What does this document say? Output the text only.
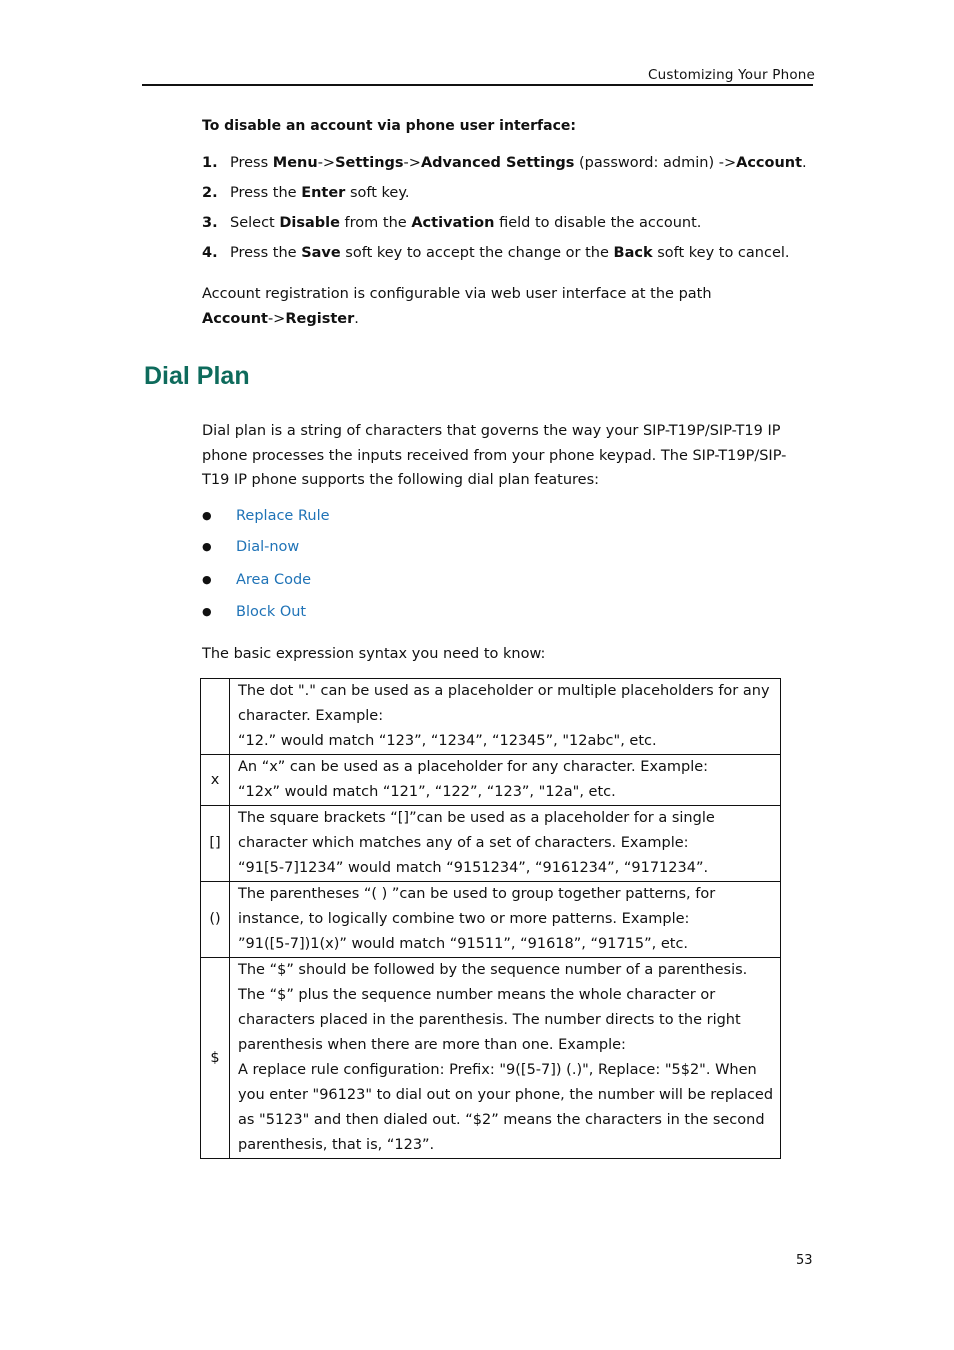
Customizing Your Phone
To disable an account via phone user interface:
1. Press Menu->Settings->Advanced Settings (password: admin) ->Account.
2. Press the Enter soft key.
3. Select Disable from the Activation field to disable the account.
4. Press the Save soft key to accept the change or the Back soft key to cancel.
Account registration is configurable via web user interface at the path
Account->Register.
Dial Plan
Dial plan is a string of characters that governs the way your SIP-T19P/SIP-T19 IP phone processes the inputs received from your phone keypad. The SIP-T19P/SIP-T19 IP phone supports the following dial plan features:
● Replace Rule
● Dial-now
● Area Code
● Block Out
The basic expression syntax you need to know:

	The dot "." can be used as a placeholder or multiple placeholders for any character. Example:
“12.” would match “123”, “1234”, “12345”, "12abc", etc.

x	An “x” can be used as a placeholder for any character. Example:
“12x” would match “121”, “122”, “123”, "12a", etc.

[]	The square brackets “[]”can be used as a placeholder for a single character which matches any of a set of characters. Example:
“91[5-7]1234” would match “9151234”, “9161234”, “9171234”.

()	The parentheses “( ) ”can be used to group together patterns, for instance, to logically combine two or more patterns. Example:
”91([5-7])1(x)” would match “91511”, “91618”, “91715”, etc.

$	The “$” should be followed by the sequence number of a parenthesis. The “$” plus the sequence number means the whole character or characters placed in the parenthesis. The number directs to the right parenthesis when there are more than one. Example:
A replace rule configuration: Prefix: "9([5-7]) (.)", Replace: "5$2". When you enter "96123" to dial out on your phone, the number will be replaced as "5123" and then dialed out. “$2” means the characters in the second parenthesis, that is, “123”.
53
